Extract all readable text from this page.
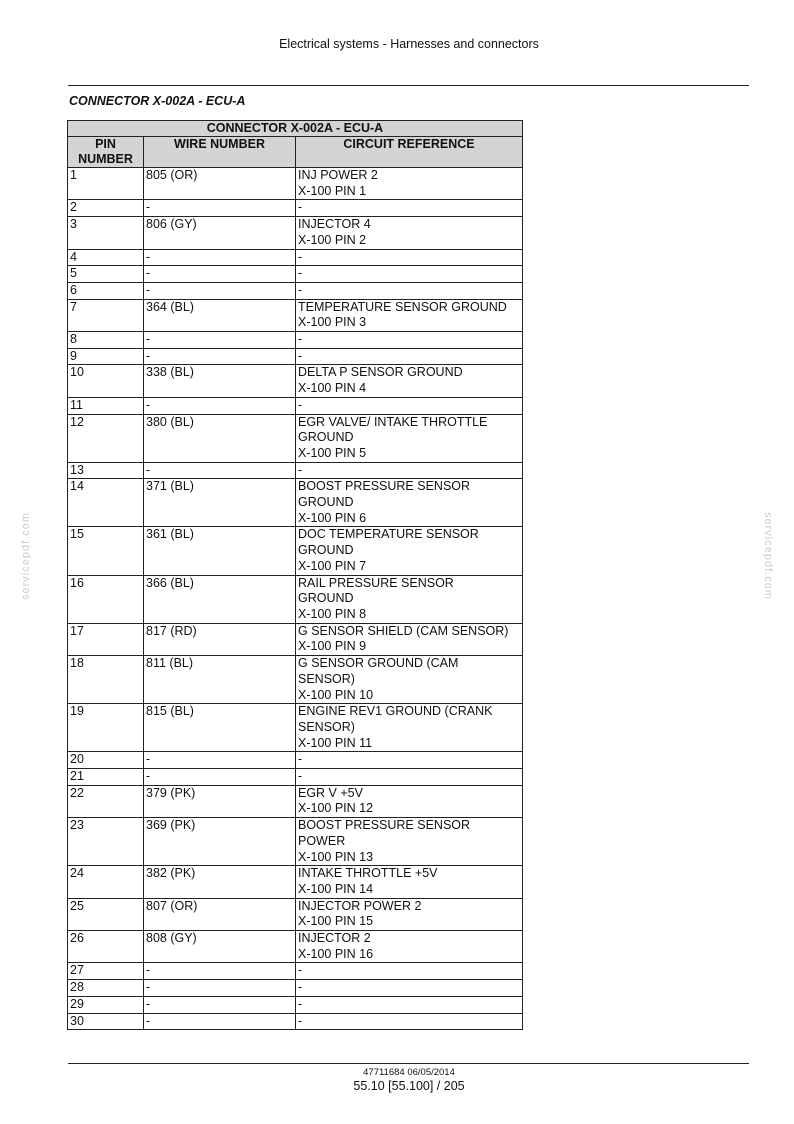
Electrical systems - Harnesses and connectors
CONNECTOR X-002A - ECU-A
CONNECTOR X-002A - ECU-A		
PIN NUMBER	WIRE NUMBER	CIRCUIT REFERENCE
1	805 (OR)	INJ POWER 2
X-100 PIN 1

2	-	-

3	806 (GY)	INJECTOR 4
X-100 PIN 2

4	-	-

5	-	-

6	-	-

7	364 (BL)	TEMPERATURE SENSOR GROUND
X-100 PIN 3

8	-	-

9	-	-

10	338 (BL)	DELTA P SENSOR GROUND
X-100 PIN 4

11	-	-

12	380 (BL)	EGR VALVE/ INTAKE THROTTLE
GROUND
X-100 PIN 5

13	-	-

14	371 (BL)	BOOST PRESSURE SENSOR
GROUND
X-100 PIN 6

15	361 (BL)	DOC TEMPERATURE SENSOR
GROUND
X-100 PIN 7

16	366 (BL)	RAIL PRESSURE SENSOR
GROUND
X-100 PIN 8

17	817 (RD)	G SENSOR SHIELD (CAM SENSOR)
X-100 PIN 9

18	811 (BL)	G SENSOR GROUND (CAM
SENSOR)
X-100 PIN 10

19	815 (BL)	ENGINE REV1 GROUND (CRANK
SENSOR)
X-100 PIN 11

20	-	-

21	-	-

22	379 (PK)	EGR V +5V
X-100 PIN 12

23	369 (PK)	BOOST PRESSURE SENSOR
POWER
X-100 PIN 13

24	382 (PK)	INTAKE THROTTLE +5V
X-100 PIN 14

25	807 (OR)	INJECTOR POWER 2
X-100 PIN 15

26	808 (GY)	INJECTOR 2
X-100 PIN 16

27	-	-

28	-	-

29	-	-

30	-	-
47711684 06/05/2014
55.10 [55.100] / 205
servicepdf.com	servicepdf.com
